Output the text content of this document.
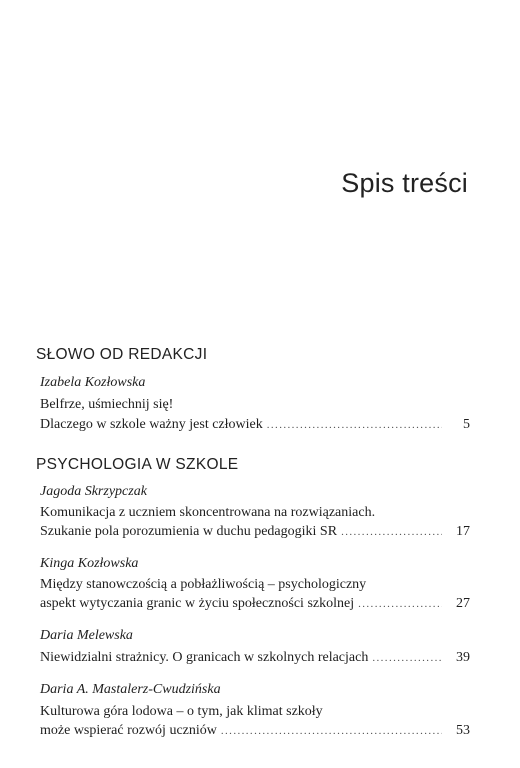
Spis treści
SŁOWO OD REDAKCJI
Izabela Kozłowska
Belfrze, uśmiechnij się!
Dlaczego w szkole ważny jest człowiek .....	5
PSYCHOLOGIA W SZKOLE
Jagoda Skrzypczak
Komunikacja z uczniem skoncentrowana na rozwiązaniach.
Szukanie pola porozumienia w duchu pedagogiki SR .....	17
Kinga Kozłowska
Między stanowczością a pobłażliwością – psychologiczny
aspekt wytyczania granic w życiu społeczności szkolnej .....	27
Daria Melewska
Niewidzialni strażnicy. O granicach w szkolnych relacjach .....	39
Daria A. Mastalerz-Cwudzińska
Kulturowa góra lodowa – o tym, jak klimat szkoły
może wspierać rozwój uczniów .....	53
